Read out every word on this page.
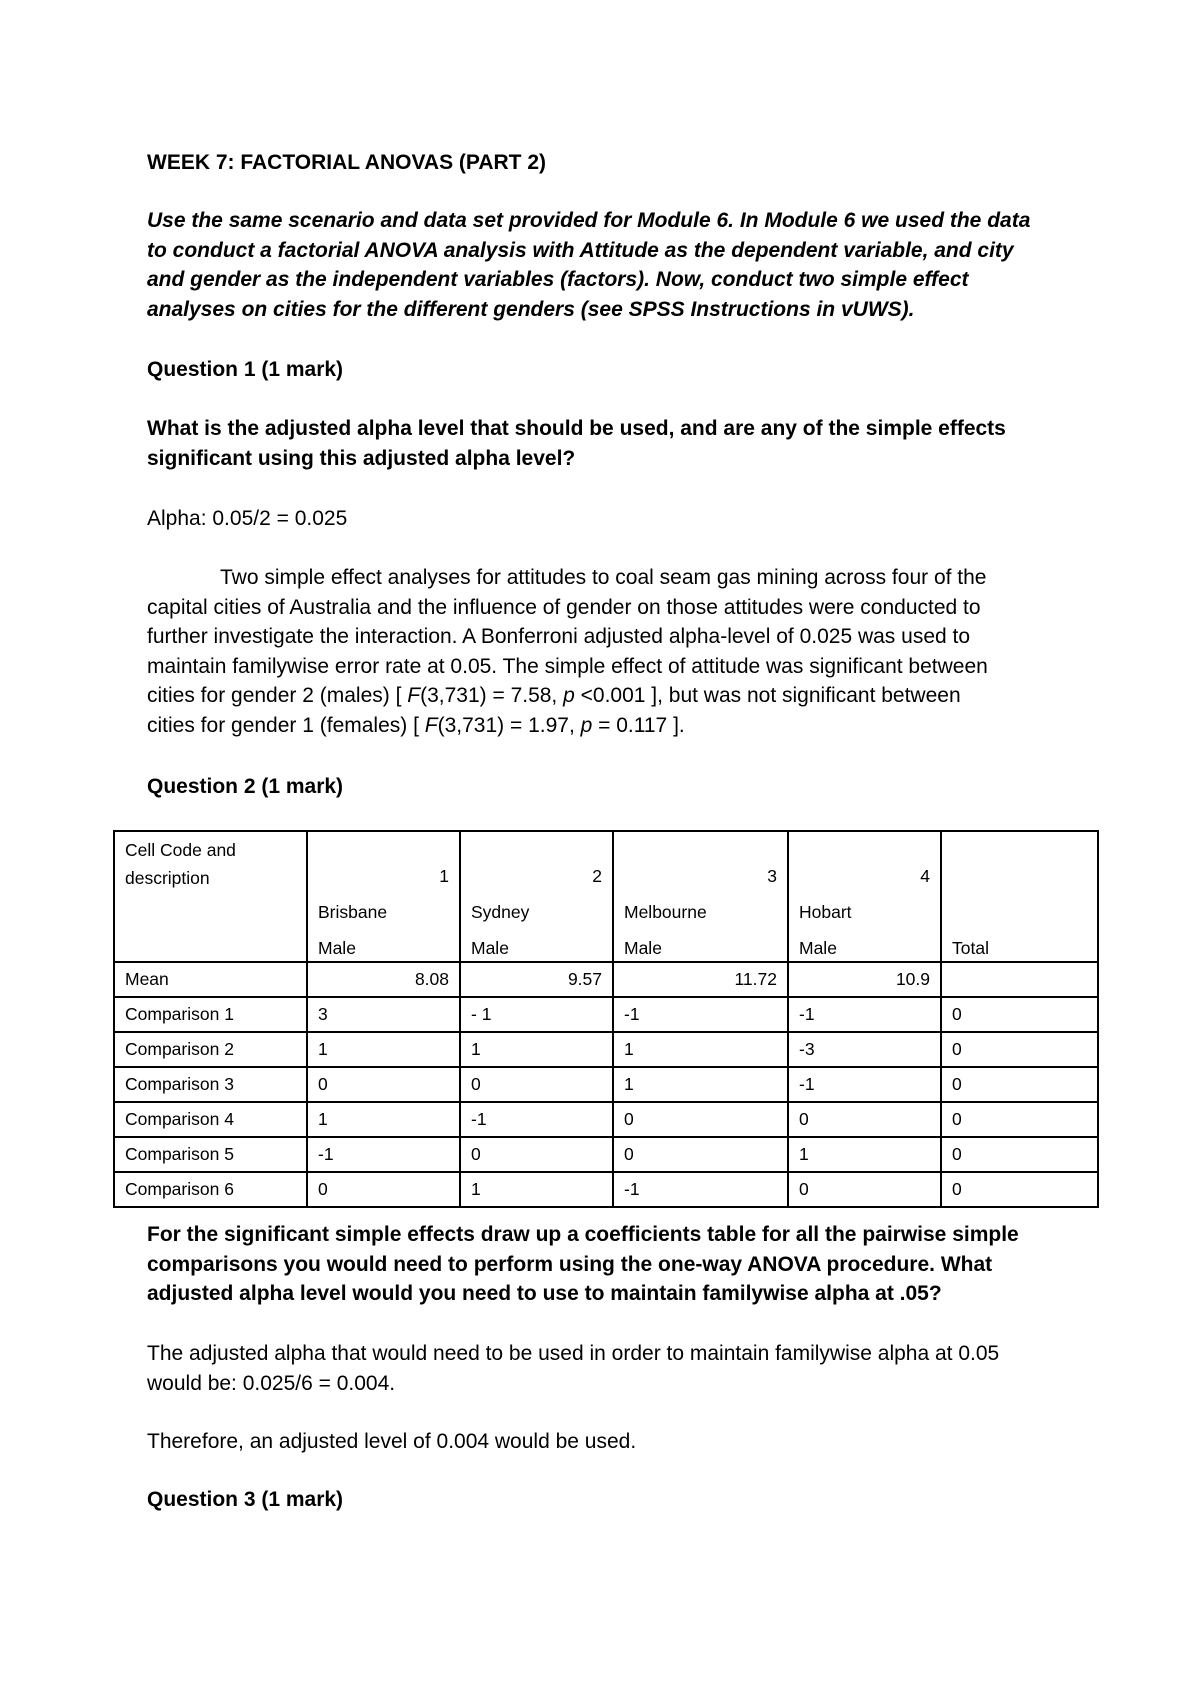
WEEK 7: FACTORIAL ANOVAS (PART 2)
Use the same scenario and data set provided for Module 6. In Module 6 we used the data
to conduct a factorial ANOVA analysis with Attitude as the dependent variable, and city
and gender as the independent variables (factors). Now, conduct two simple effect
analyses on cities for the different genders (see SPSS Instructions in vUWS).
Question 1 (1 mark)
What is the adjusted alpha level that should be used, and are any of the simple effects
significant using this adjusted alpha level?
Alpha: 0.05/2 = 0.025
Two simple effect analyses for attitudes to coal seam gas mining across four of the
capital cities of Australia and the influence of gender on those attitudes were conducted to
further investigate the interaction. A Bonferroni adjusted alpha-level of 0.025 was used to
maintain familywise error rate at 0.05. The simple effect of attitude was significant between
cities for gender 2 (males) [ F(3,731) = 7.58, p <0.001 ], but was not significant between
cities for gender 1 (females) [ F(3,731) = 1.97, p = 0.117 ].
Question 2 (1 mark)
For the significant simple effects draw up a coefficients table for all the pairwise simple
comparisons you would need to perform using the one-way ANOVA procedure. What
adjusted alpha level would you need to use to maintain familywise alpha at .05?
The adjusted alpha that would need to be used in order to maintain familywise alpha at 0.05
would be: 0.025/6 = 0.004.
Therefore, an adjusted level of 0.004 would be used.
Question 3 (1 mark)
Cell Code and
description	1
Brisbane
Male	2
Sydney
Male	3
Melbourne
Male	4
Hobart
Male	Total

Mean	8.08	9.57	11.72	10.9	
Comparison 1	3	- 1	-1	-1	0
Comparison 2	1	1	1	-3	0
Comparison 3	0	0	1	-1	0
Comparison 4	1	-1	0	0	0
Comparison 5	-1	0	0	1	0
Comparison 6	0	1	-1	0	0
